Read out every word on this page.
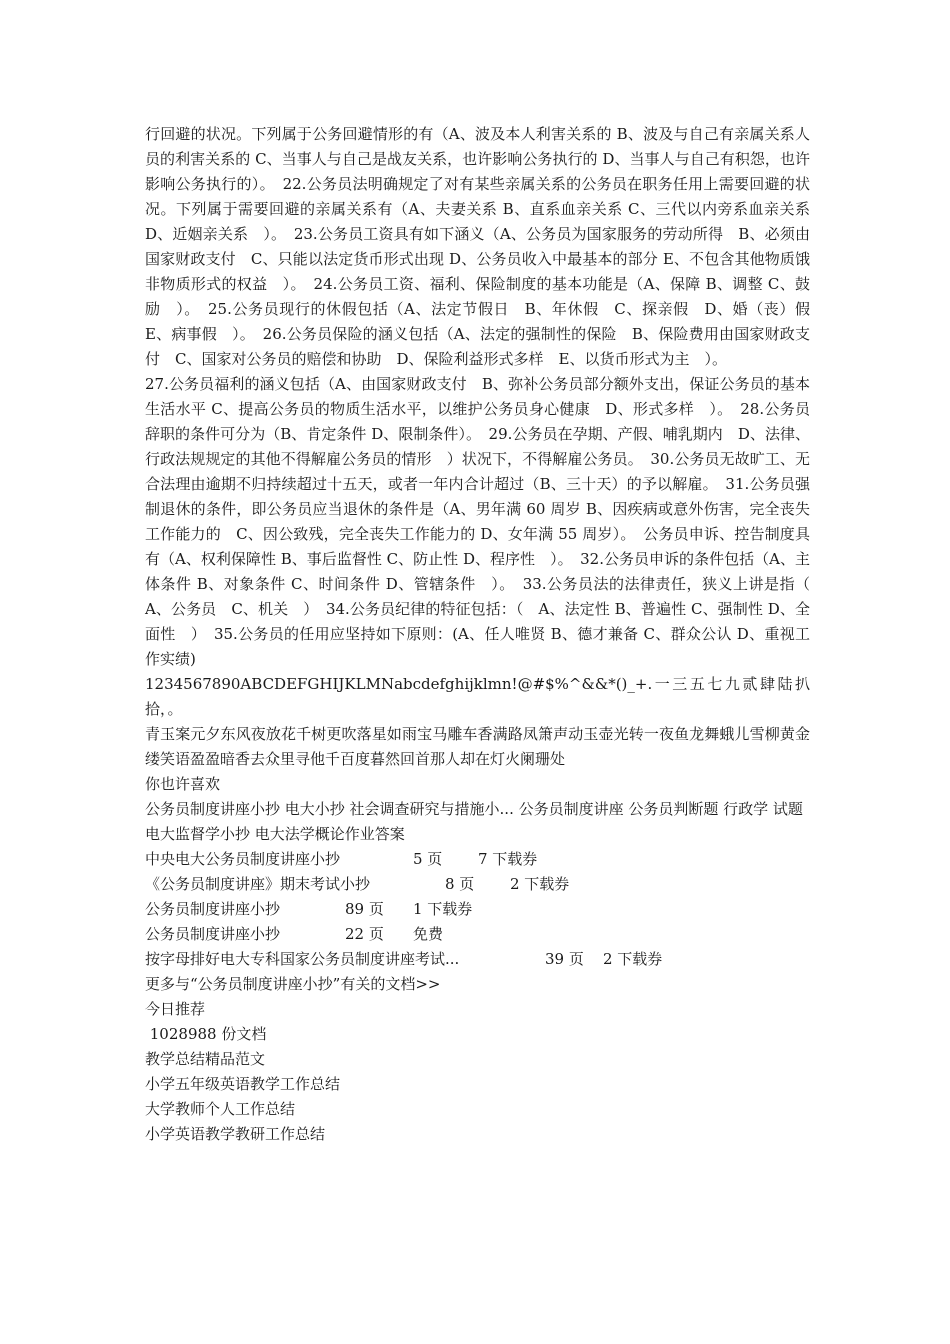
行回避的状况。下列属于公务回避情形的有（A、波及本人利害关系的 B、波及与自己有亲属关系人员的利害关系的 C、当事人与自己是战友关系，也许影响公务执行的 D、当事人与自己有积怨，也许影响公务执行的）。　22.公务员法明确规定了对有某些亲属关系的公务员在职务任用上需要回避的状况。下列属于需要回避的亲属关系有（A、夫妻关系 B、直系血亲关系 C、三代以内旁系血亲关系 D、近姻亲关系　）。　23.公务员工资具有如下涵义（A、公务员为国家服务的劳动所得　B、必须由国家财政支付　C、只能以法定货币形式出现 D、公务员收入中最基本的部分 E、不包含其他物质饿非物质形式的权益　）。　24.公务员工资、福利、保险制度的基本功能是（A、保障 B、调整 C、鼓励　）。　25.公务员现行的休假包括（A、法定节假日　B、年休假　C、探亲假　D、婚（丧）假　E、病事假　）。　26.公务员保险的涵义包括（A、法定的强制性的保险　B、保险费用由国家财政支付　C、国家对公务员的赔偿和协助　D、保险利益形式多样　E、以货币形式为主　）。

27.公务员福利的涵义包括（A、由国家财政支付　B、弥补公务员部分额外支出，保证公务员的基本生活水平 C、提高公务员的物质生活水平，以维护公务员身心健康　D、形式多样　）。　28.公务员辞职的条件可分为（B、肯定条件 D、限制条件）。　29.公务员在孕期、产假、哺乳期内　D、法律、行政法规规定的其他不得解雇公务员的情形　）状况下，不得解雇公务员。　30.公务员无故旷工、无合法理由逾期不归持续超过十五天，或者一年内合计超过（B、三十天）的予以解雇。　31.公务员强制退休的条件，即公务员应当退休的条件是（A、男年满 60 周岁 B、因疾病或意外伤害，完全丧失工作能力的　C、因公致残，完全丧失工作能力的 D、女年满 55 周岁）。　公务员申诉、控告制度具有（A、权利保障性 B、事后监督性 C、防止性 D、程序性　）。　32.公务员申诉的条件包括（A、主体条件 B、对象条件 C、时间条件 D、管辖条件　）。　33.公务员法的法律责任，狭义上讲是指（　A、公务员　C、机关　）　34.公务员纪律的特征包括：（　A、法定性 B、普遍性 C、强制性 D、全面性　）　35.公务员的任用应坚持如下原则：(A、任人唯贤 B、德才兼备 C、群众公认 D、重视工作实绩)

1234567890ABCDEFGHIJKLMNabcdefghijklmn!@#$%^&&*()_+.一三五七九贰肆陆扒拾，。

青玉案元夕东风夜放花千树更吹落星如雨宝马雕车香满路凤箫声动玉壶光转一夜鱼龙舞蛾儿雪柳黄金缕笑语盈盈暗香去众里寻他千百度暮然回首那人却在灯火阑珊处

你也许喜欢

公务员制度讲座小抄 电大小抄 社会调查研究与措施小... 公务员制度讲座 公务员判断题 行政学 试题 电大监督学小抄 电大法学概论作业答案

中央电大公务员制度讲座小抄	5 页	7 下载券
《公务员制度讲座》期末考试小抄	8 页	2 下载券
公务员制度讲座小抄	89 页	1 下载券
公务员制度讲座小抄	22 页	免费
按字母排好电大专科国家公务员制度讲座考试...	39 页	2 下载券

更多与“公务员制度讲座小抄”有关的文档>>

今日推荐

1028988 份文档

教学总结精品范文

小学五年级英语教学工作总结

大学教师个人工作总结

小学英语教学教研工作总结
